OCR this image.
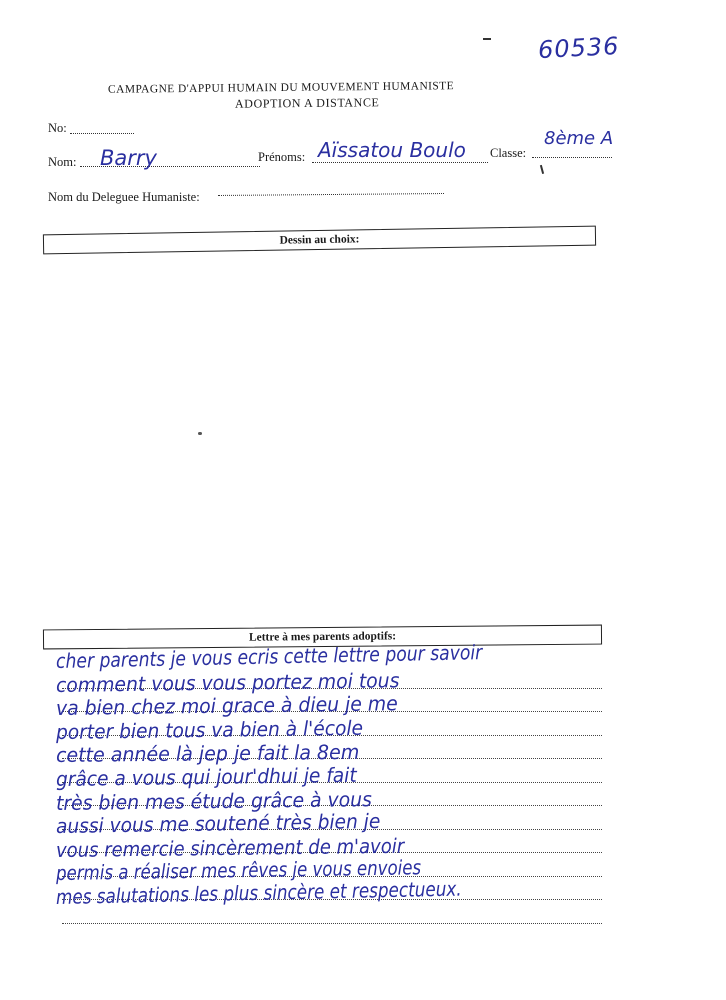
60536
CAMPAGNE D'APPUI HUMAIN DU MOUVEMENT HUMANISTE
ADOPTION A DISTANCE
No:
Nom: Barry	Prénoms: Aïssatou Boulo Classe:
8ème A
Nom du Deleguee Humaniste:
Dessin au choix:
Lettre à mes parents adoptifs:
cher parents je vous ecris cette lettre pour savoir
comment vous vous portez moi tous
va bien chez moi grace à dieu je me
porter bien tous va bien à l'école
cette année là jep je fait la 8em
grâce a vous qui jour'dhui je fait
très bien mes étude grâce à vous
aussi vous me soutené très bien je
vous remercie sincèrement de m'avoir
permis a réaliser mes rêves je vous envoies
mes salutations les plus sincère et respectueux.
